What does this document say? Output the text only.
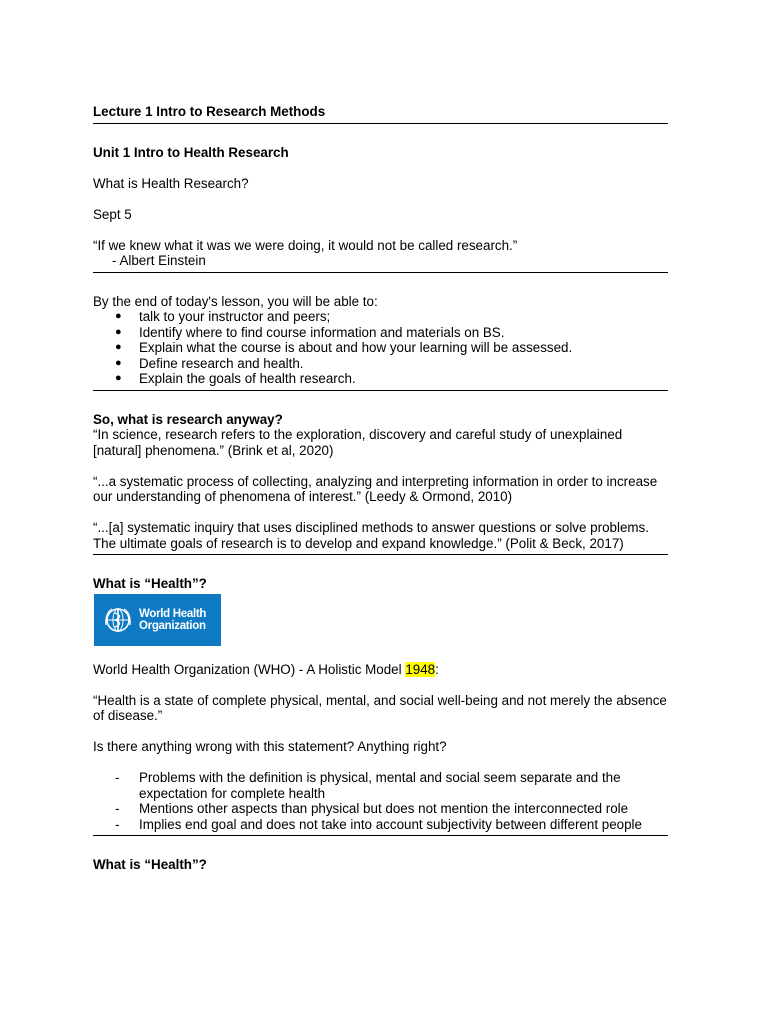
Lecture 1 Intro to Research Methods

Unit 1 Intro to Health Research

What is Health Research?

Sept 5

“If we knew what it was we were doing, it would not be called research.”

- Albert Einstein

By the end of today's lesson, you will be able to:

● talk to your instructor and peers;
● Identify where to find course information and materials on BS.
● Explain what the course is about and how your learning will be assessed.
● Define research and health.
● Explain the goals of health research.

So, what is research anyway?

“In science, research refers to the exploration, discovery and careful study of unexplained [natural] phenomena.” (Brink et al, 2020)

“...a systematic process of collecting, analyzing and interpreting information in order to increase our understanding of phenomena of interest.” (Leedy & Ormond, 2010)

“...[a] systematic inquiry that uses disciplined methods to answer questions or solve problems. The ultimate goals of research is to develop and expand knowledge.” (Polit & Beck, 2017)

What is “Health”?

World Health
Organization

World Health Organization (WHO) - A Holistic Model 1948:

“Health is a state of complete physical, mental, and social well-being and not merely the absence of disease.”

Is there anything wrong with this statement? Anything right?

- Problems with the definition is physical, mental and social seem separate and the expectation for complete health
- Mentions other aspects than physical but does not mention the interconnected role
- Implies end goal and does not take into account subjectivity between different people

What is “Health”?
